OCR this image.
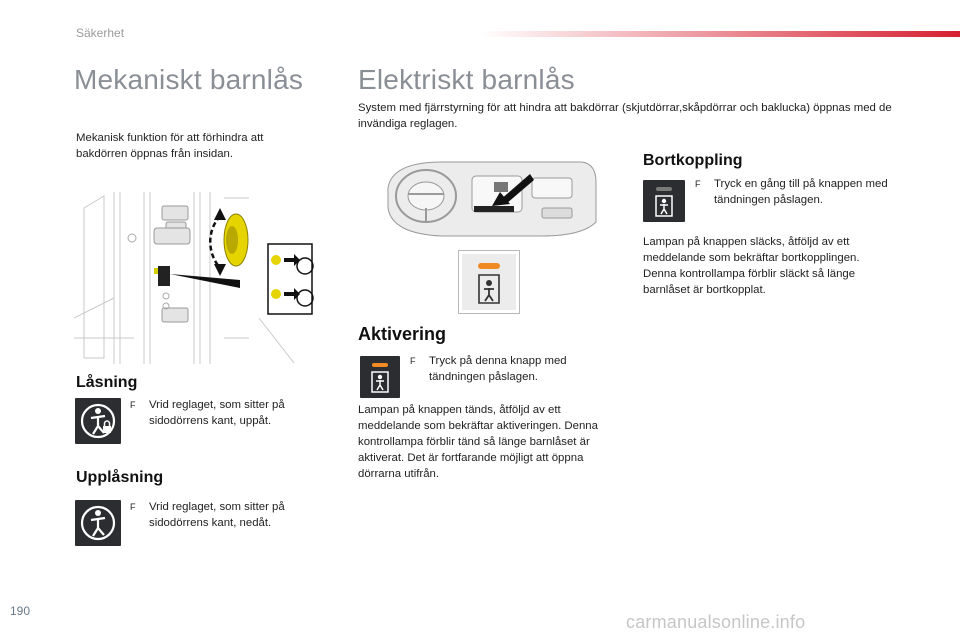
Säkerhet
Mekaniskt barnlås
Mekanisk funktion för att förhindra att bakdörren öppnas från insidan.
Låsning
F Vrid reglaget, som sitter på sidodörrens kant, uppåt.
Upplåsning
F Vrid reglaget, som sitter på sidodörrens kant, nedåt.
Elektriskt barnlås
System med fjärrstyrning för att hindra att bakdörrar (skjutdörrar,skåpdörrar och baklucka) öppnas med de invändiga reglagen.
Aktivering
F Tryck på denna knapp med tändningen påslagen.
Lampan på knappen tänds, åtföljd av ett meddelande som bekräftar aktiveringen. Denna kontrollampa förblir tänd så länge barnlåset är aktiverat. Det är fortfarande möjligt att öppna dörrarna utifrån.
Bortkoppling
F Tryck en gång till på knappen med tändningen påslagen.
Lampan på knappen släcks, åtföljd av ett meddelande som bekräftar bortkopplingen. Denna kontrollampa förblir släckt så länge barnlåset är bortkopplat.
190
carmanualsonline.info
